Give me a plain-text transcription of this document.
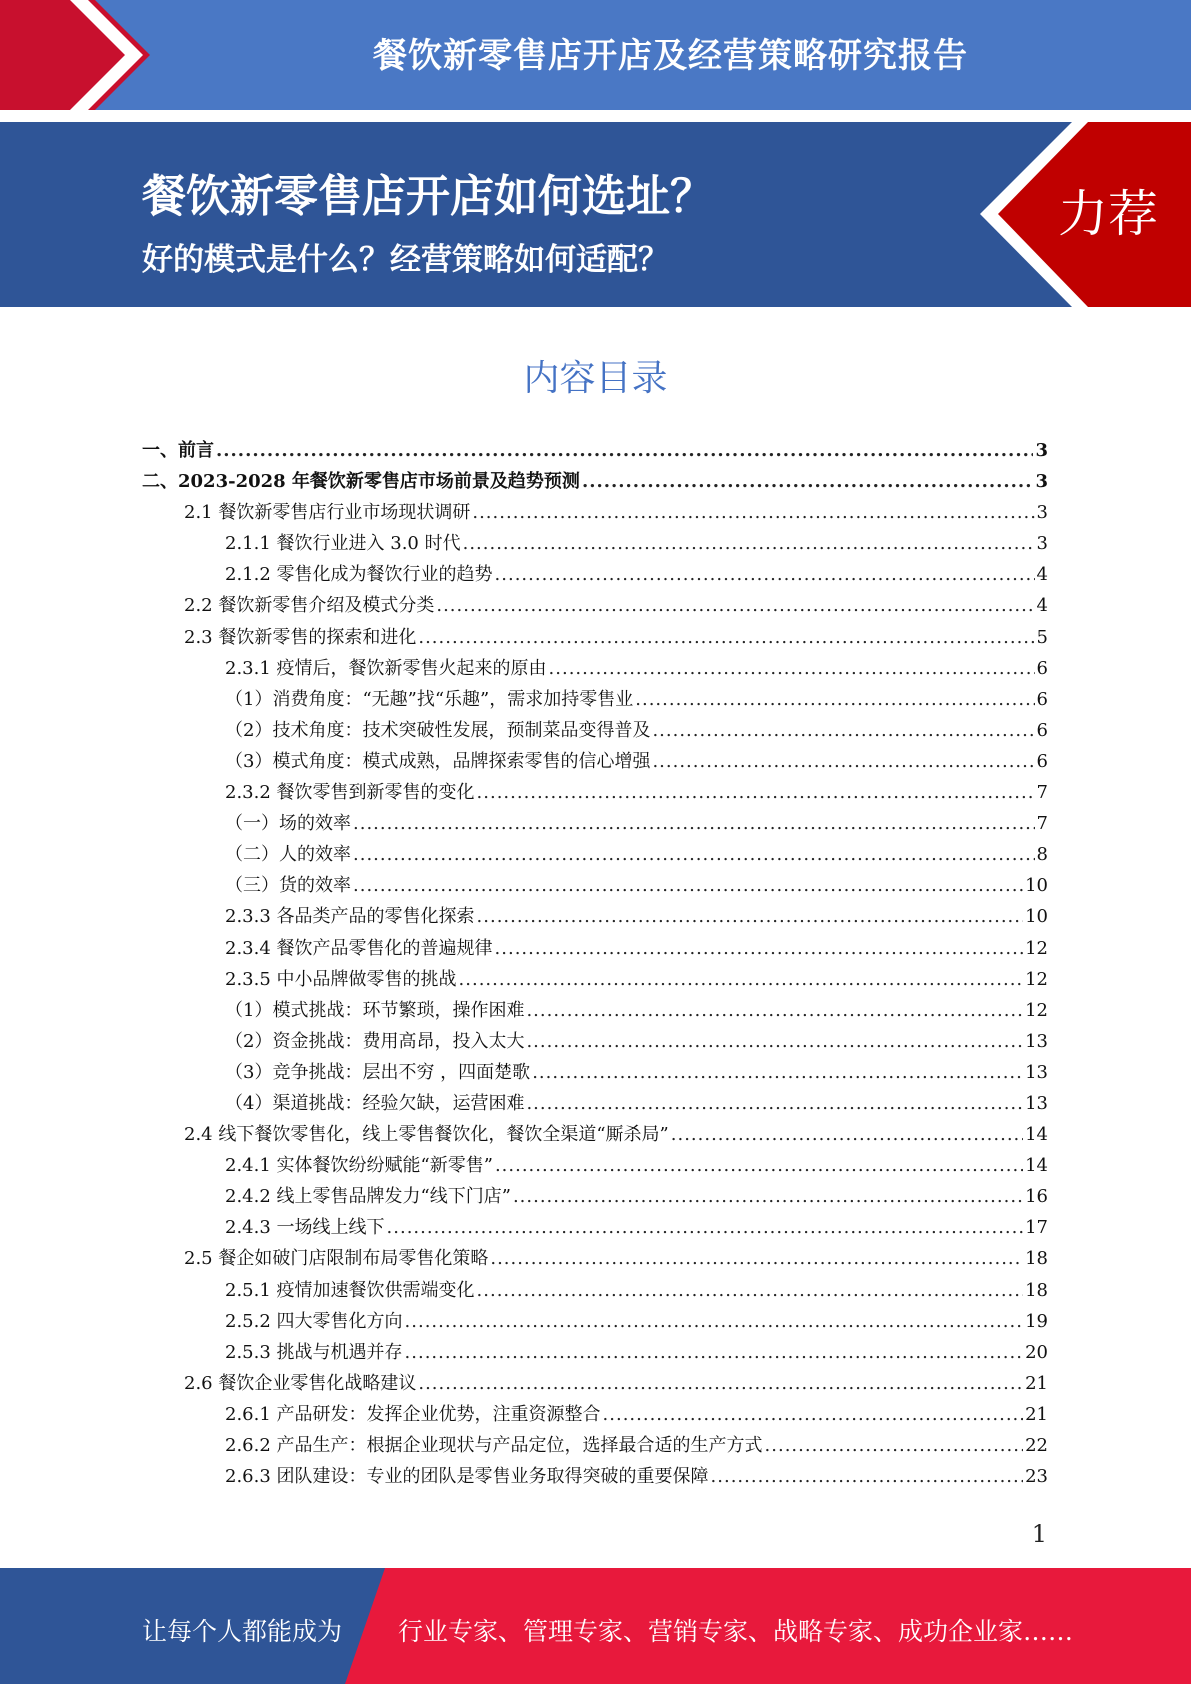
餐饮新零售店开店及经营策略研究报告
餐饮新零售店开店如何选址？
好的模式是什么？经营策略如何适配？
力荐
内容目录
一、前言 .....	3
二、2023-2028 年餐饮新零售店市场前景及趋势预测 .....	3
2.1 餐饮新零售店行业市场现状调研 .....	3
2.1.1 餐饮行业进入 3.0 时代 .....	3
2.1.2 零售化成为餐饮行业的趋势 .....	4
2.2 餐饮新零售介绍及模式分类 .....	4
2.3 餐饮新零售的探索和进化 .....	5
2.3.1 疫情后，餐饮新零售火起来的原由 .....	6
（1）消费角度：“无趣”找“乐趣”，需求加持零售业 .....	6
（2）技术角度：技术突破性发展，预制菜品变得普及 .....	6
（3）模式角度：模式成熟，品牌探索零售的信心增强 .....	6
2.3.2 餐饮零售到新零售的变化 .....	7
（一）场的效率 .....	7
（二）人的效率 .....	8
（三）货的效率 .....	10
2.3.3 各品类产品的零售化探索 .....	10
2.3.4 餐饮产品零售化的普遍规律 .....	12
2.3.5 中小品牌做零售的挑战 .....	12
（1）模式挑战：环节繁琐，操作困难 .....	12
（2）资金挑战：费用高昂，投入太大 .....	13
（3）竞争挑战：层出不穷 ，四面楚歌 .....	13
（4）渠道挑战：经验欠缺，运营困难 .....	13
2.4 线下餐饮零售化，线上零售餐饮化，餐饮全渠道“厮杀局” .....	14
2.4.1 实体餐饮纷纷赋能“新零售” .....	14
2.4.2 线上零售品牌发力“线下门店” .....	16
2.4.3 一场线上线下 .....	17
2.5 餐企如破门店限制布局零售化策略 .....	18
2.5.1 疫情加速餐饮供需端变化 .....	18
2.5.2 四大零售化方向 .....	19
2.5.3 挑战与机遇并存 .....	20
2.6 餐饮企业零售化战略建议 .....	21
2.6.1 产品研发：发挥企业优势，注重资源整合 .....	21
2.6.2 产品生产：根据企业现状与产品定位，选择最合适的生产方式 .....	22
2.6.3 团队建设：专业的团队是零售业务取得突破的重要保障 .....	23
1
让每个人都能成为 行业专家、管理专家、营销专家、战略专家、成功企业家……
